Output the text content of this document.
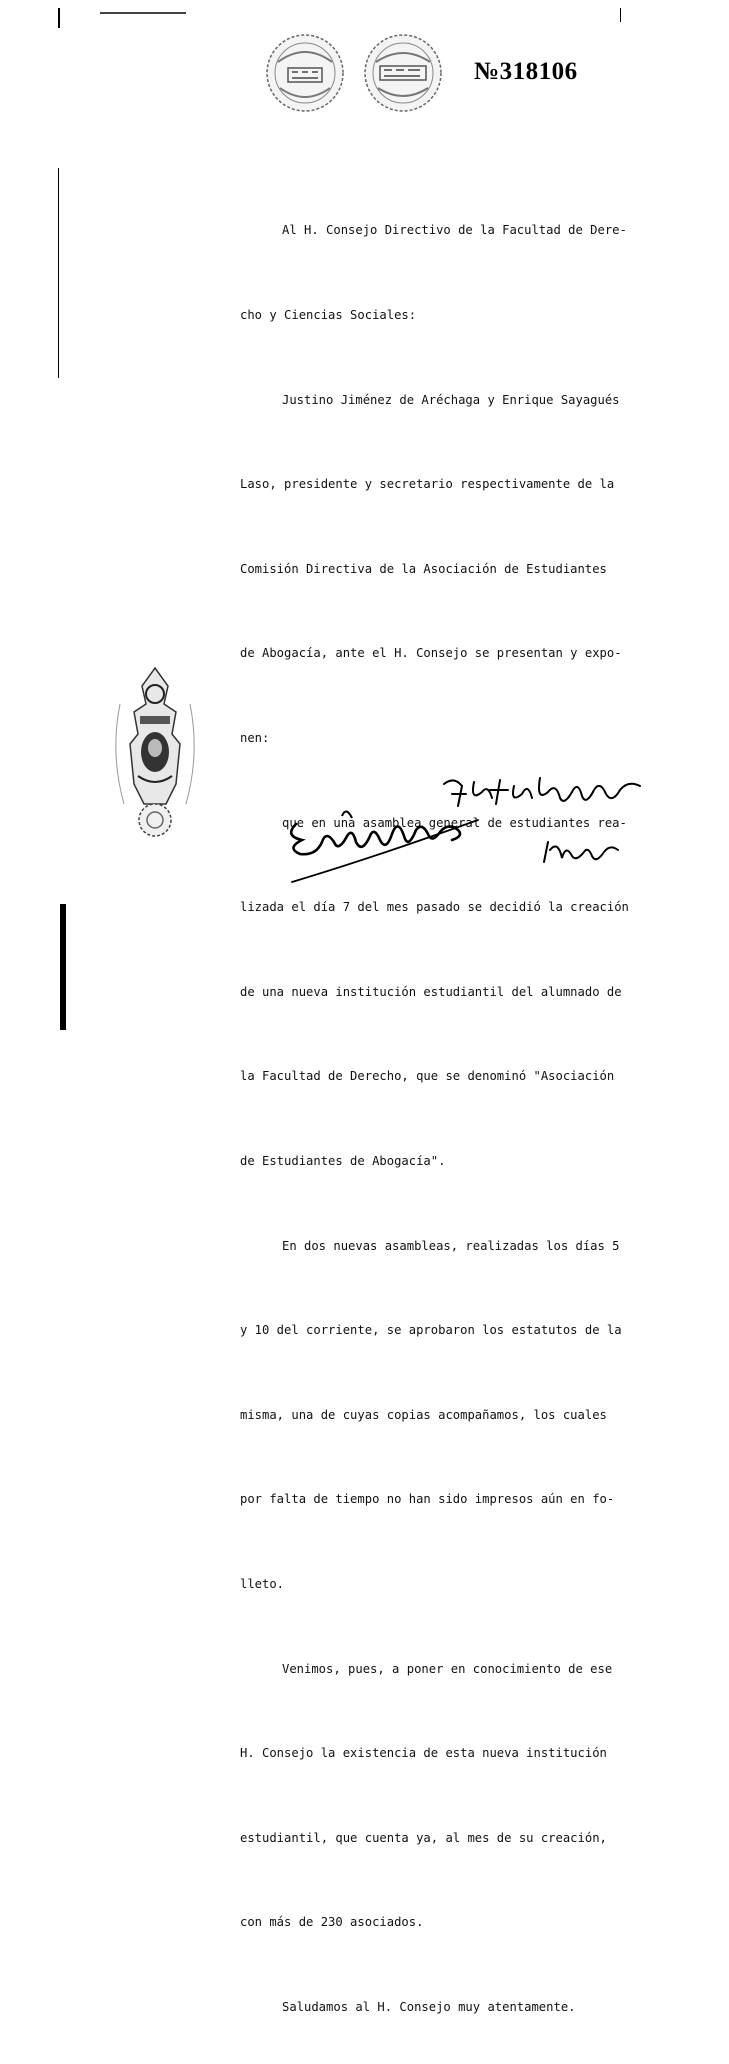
№318106

Al H. Consejo Directivo de la Facultad de Dere-

cho y Ciencias Sociales:

Justino Jiménez de Aréchaga y Enrique Sayagués

Laso, presidente y secretario respectivamente de la

Comisión Directiva de la Asociación de Estudiantes

de Abogacía, ante el H. Consejo se presentan y expo-

nen:

que en una asamblea general de estudiantes rea-

lizada el día 7 del mes pasado se decidió la creación

de una nueva institución estudiantil del alumnado de

la Facultad de Derecho, que se denominó "Asociación

de Estudiantes de Abogacía".

En dos nuevas asambleas, realizadas los días 5

y 10 del corriente, se aprobaron los estatutos de la

misma, una de cuyas copias acompañamos, los cuales

por falta de tiempo no han sido impresos aún en fo-

lleto.

Venimos, pues, a poner en conocimiento de ese

H. Consejo la existencia de esta nueva institución

estudiantil, que cuenta ya, al mes de su creación,

con más de 230 asociados.

Saludamos al H. Consejo muy atentamente.
